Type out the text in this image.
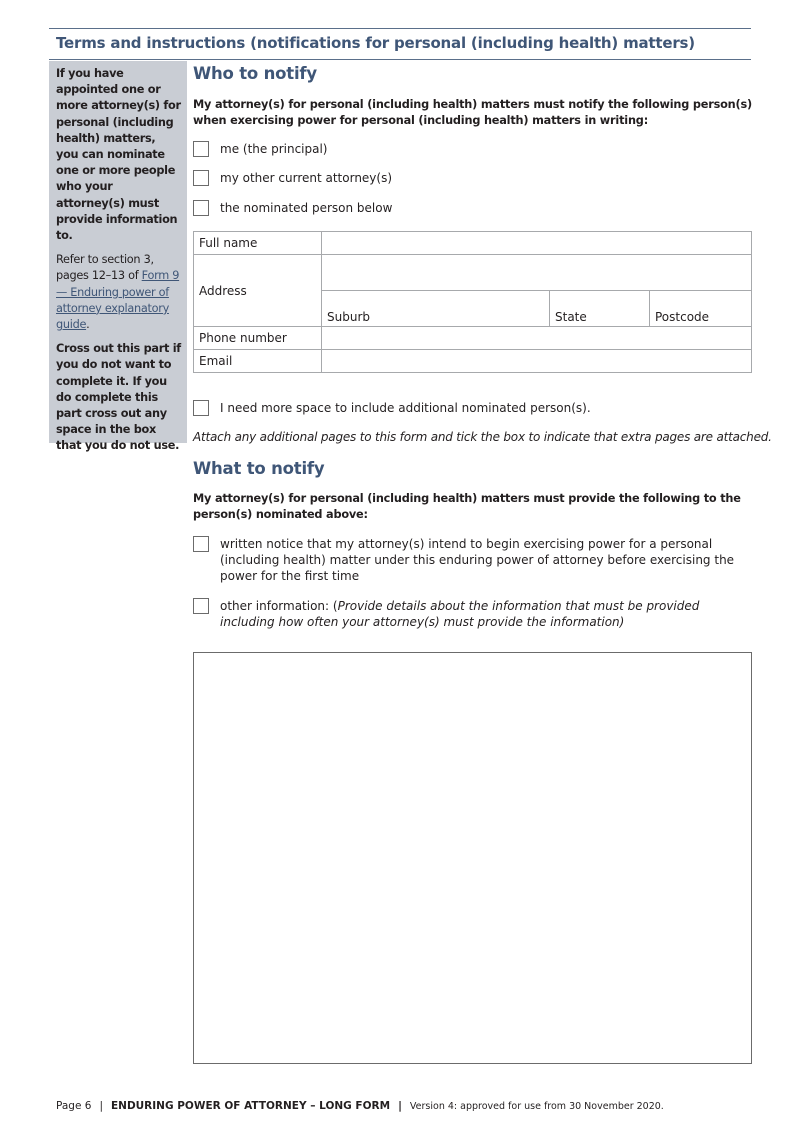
Terms and instructions (notifications for personal (including health) matters)

If you have appointed one or more attorney(s) for personal (including health) matters, you can nominate one or more people who your attorney(s) must provide information to.

Refer to section 3, pages 12–13 of Form 9 — Enduring power of attorney explanatory guide.

Cross out this part if you do not want to complete it. If you do complete this part cross out any space in the box that you do not use.

Who to notify
My attorney(s) for personal (including health) matters must notify the following person(s) when exercising power for personal (including health) matters in writing:
me (the principal)
my other current attorney(s)
the nominated person below
Full name			
Address			
	Suburb	State	Postcode
Phone number			
Email			
I need more space to include additional nominated person(s).
Attach any additional pages to this form and tick the box to indicate that extra pages are attached.
What to notify
My attorney(s) for personal (including health) matters must provide the following to the person(s) nominated above:
written notice that my attorney(s) intend to begin exercising power for a personal (including health) matter under this enduring power of attorney before exercising the power for the first time
other information: (Provide details about the information that must be provided including how often your attorney(s) must provide the information)
Page 6 | ENDURING POWER OF ATTORNEY – LONG FORM | Version 4: approved for use from 30 November 2020.
